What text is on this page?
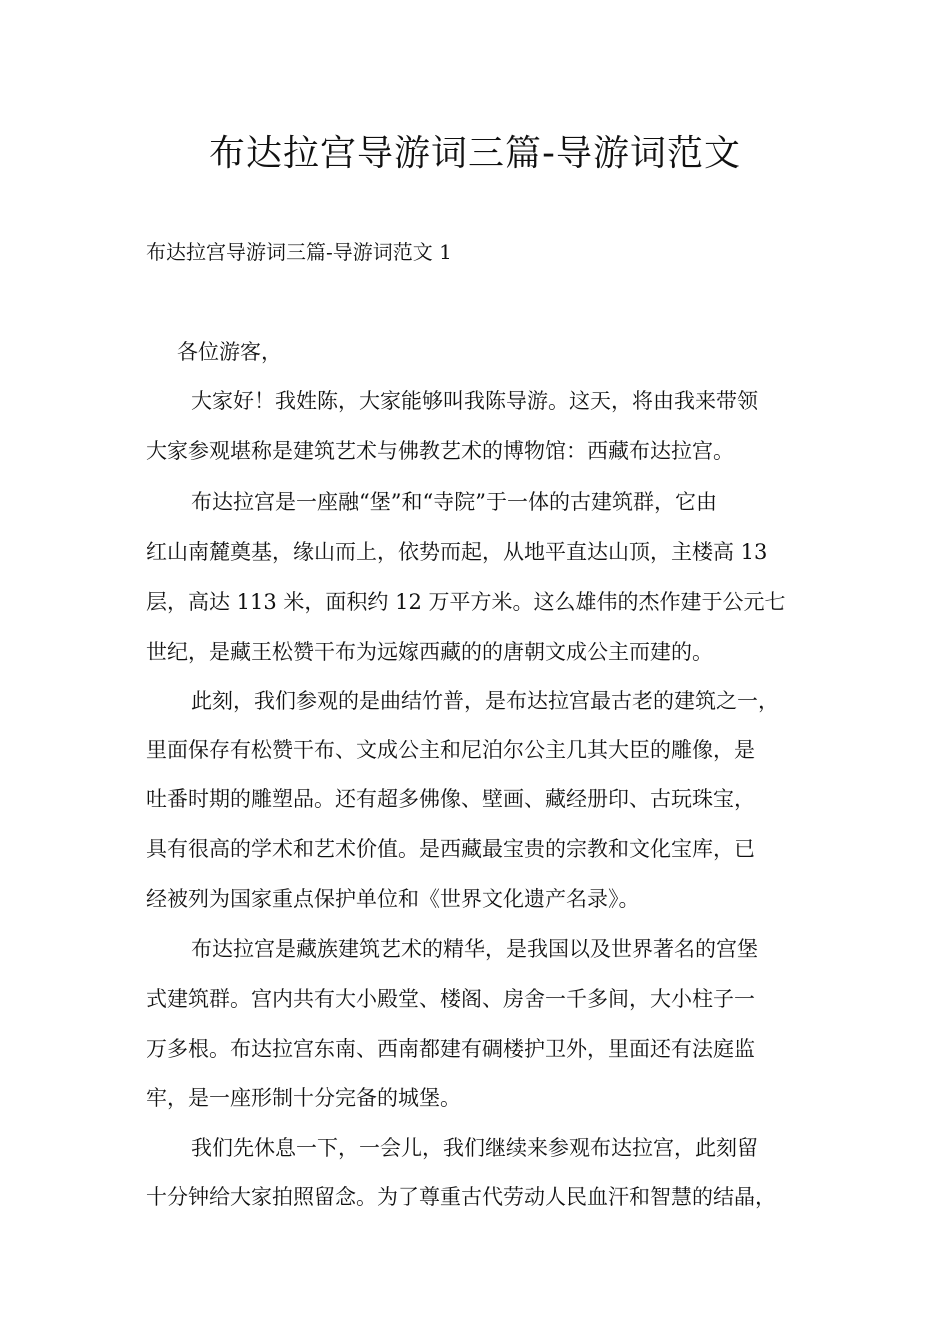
布达拉宫导游词三篇-导游词范文

布达拉宫导游词三篇-导游词范文 1

各位游客，

大家好！我姓陈，大家能够叫我陈导游。这天，将由我来带领

大家参观堪称是建筑艺术与佛教艺术的博物馆：西藏布达拉宫。

布达拉宫是一座融“堡”和“寺院”于一体的古建筑群，它由

红山南麓奠基，缘山而上，依势而起，从地平直达山顶，主楼高 13

层，高达 113 米，面积约 12 万平方米。这么雄伟的杰作建于公元七

世纪，是藏王松赞干布为远嫁西藏的的唐朝文成公主而建的。

此刻，我们参观的是曲结竹普，是布达拉宫最古老的建筑之一，

里面保存有松赞干布、文成公主和尼泊尔公主几其大臣的雕像，是

吐番时期的雕塑品。还有超多佛像、壁画、藏经册印、古玩珠宝，

具有很高的学术和艺术价值。是西藏最宝贵的宗教和文化宝库，已

经被列为国家重点保护单位和《世界文化遗产名录》。

布达拉宫是藏族建筑艺术的精华，是我国以及世界著名的宫堡

式建筑群。宫内共有大小殿堂、楼阁、房舍一千多间，大小柱子一

万多根。布达拉宫东南、西南都建有碉楼护卫外，里面还有法庭监

牢，是一座形制十分完备的城堡。

我们先休息一下，一会儿，我们继续来参观布达拉宫，此刻留

十分钟给大家拍照留念。为了尊重古代劳动人民血汗和智慧的结晶，
